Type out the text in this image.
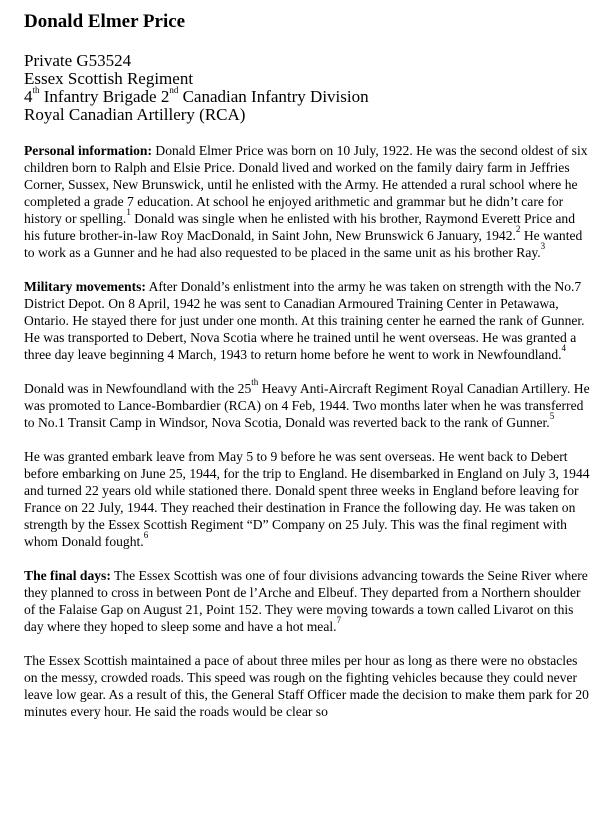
Donald Elmer Price
Private G53524
Essex Scottish Regiment
4th Infantry Brigade 2nd Canadian Infantry Division
Royal Canadian Artillery (RCA)

Personal information: Donald Elmer Price was born on 10 July, 1922. He was the second oldest of six children born to Ralph and Elsie Price. Donald lived and worked on the family dairy farm in Jeffries Corner, Sussex, New Brunswick, until he enlisted with the Army. He attended a rural school where he completed a grade 7 education. At school he enjoyed arithmetic and grammar but he didn’t care for history or spelling.$^1$ Donald was single when he enlisted with his brother, Raymond Everett Price and his future brother-in-law Roy MacDonald, in Saint John, New Brunswick 6 January, 1942.$^2$ He wanted to work as a Gunner and he had also requested to be placed in the same unit as his brother Ray.$^3$

Military movements: After Donald’s enlistment into the army he was taken on strength with the No.7 District Depot. On 8 April, 1942 he was sent to Canadian Armoured Training Center in Petawawa, Ontario. He stayed there for just under one month. At this training center he earned the rank of Gunner. He was transported to Debert, Nova Scotia where he trained until he went overseas. He was granted a three day leave beginning 4 March, 1943 to return home before he went to work in Newfoundland.$^4$

Donald was in Newfoundland with the 25th Heavy Anti-Aircraft Regiment Royal Canadian Artillery. He was promoted to Lance-Bombardier (RCA) on 4 Feb, 1944. Two months later when he was transferred to No.1 Transit Camp in Windsor, Nova Scotia, Donald was reverted back to the rank of Gunner.$^5$

He was granted embark leave from May 5 to 9 before he was sent overseas. He went back to Debert before embarking on June 25, 1944, for the trip to England. He disembarked in England on July 3, 1944 and turned 22 years old while stationed there. Donald spent three weeks in England before leaving for France on 22 July, 1944. They reached their destination in France the following day. He was taken on strength by the Essex Scottish Regiment “D” Company on 25 July. This was the final regiment with whom Donald fought.$^6$

The final days: The Essex Scottish was one of four divisions advancing towards the Seine River where they planned to cross in between Pont de l’Arche and Elbeuf. They departed from a Northern shoulder of the Falaise Gap on August 21, Point 152. They were moving towards a town called Livarot on this day where they hoped to sleep some and have a hot meal.$^7$

The Essex Scottish maintained a pace of about three miles per hour as long as there were no obstacles on the messy, crowded roads. This speed was rough on the fighting vehicles because they could never leave low gear. As a result of this, the General Staff Officer made the decision to make them park for 20 minutes every hour. He said the roads would be clear so
